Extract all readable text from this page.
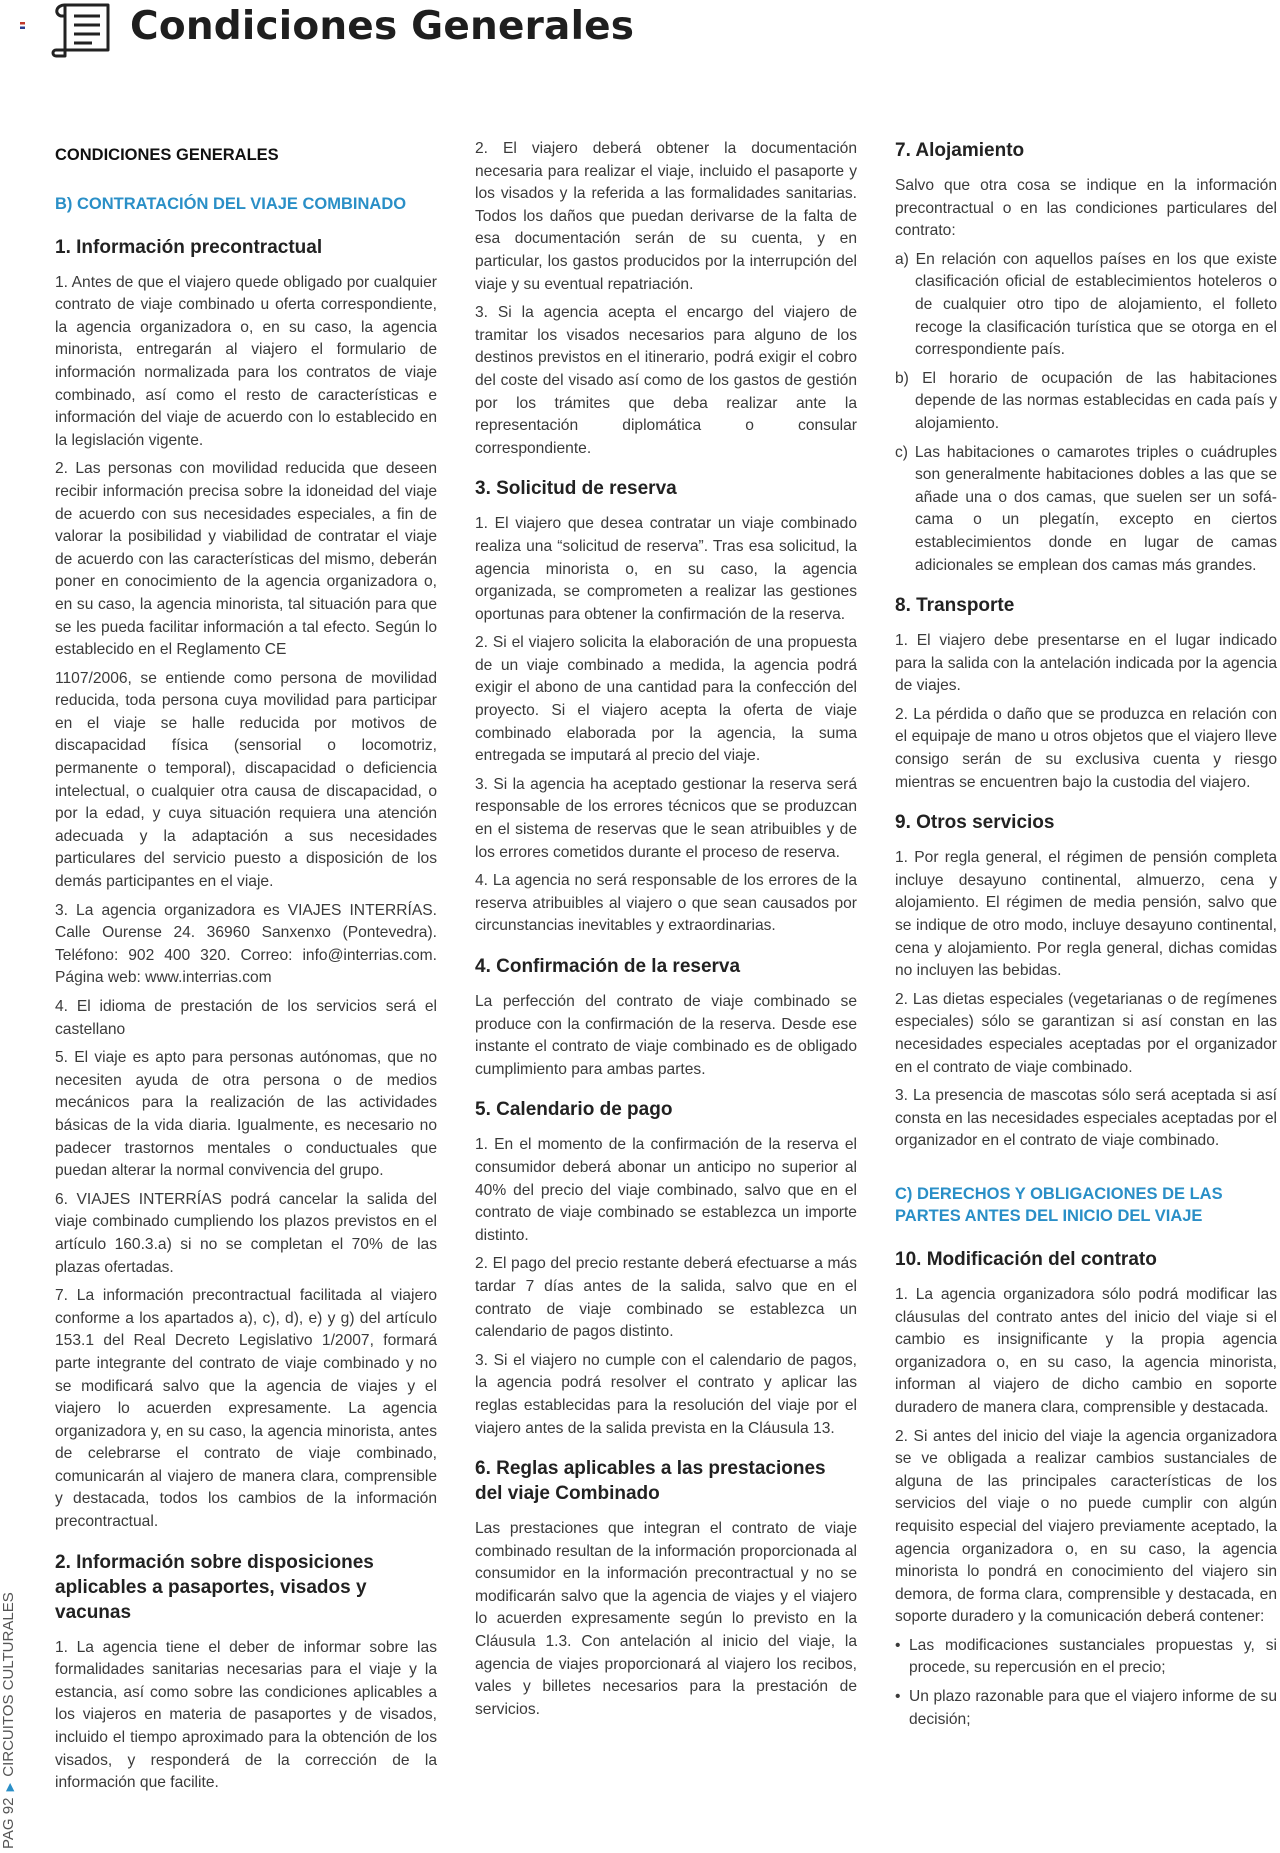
Condiciones Generales
PAG 92 ▶ CIRCUITOS CULTURALES
CONDICIONES GENERALES
B) CONTRATACIÓN DEL VIAJE COMBINADO
1. Información precontractual

1. Antes de que el viajero quede obligado por cualquier contrato de viaje combinado u oferta correspondiente, la agencia organizadora o, en su caso, la agencia minorista, entregarán al viajero el formulario de información normalizada para los contratos de viaje combinado, así como el resto de características e información del viaje de acuerdo con lo establecido en la legislación vigente.

2. Las personas con movilidad reducida que deseen recibir información precisa sobre la idoneidad del viaje de acuerdo con sus necesidades especiales, a fin de valorar la posibilidad y viabilidad de contratar el viaje de acuerdo con las características del mismo, deberán poner en conocimiento de la agencia organizadora o, en su caso, la agencia minorista, tal situación para que se les pueda facilitar información a tal efecto. Según lo establecido en el Reglamento CE

1107/2006, se entiende como persona de movilidad reducida, toda persona cuya movilidad para participar en el viaje se halle reducida por motivos de discapacidad física (sensorial o locomotriz, permanente o temporal), discapacidad o deficiencia intelectual, o cualquier otra causa de discapacidad, o por la edad, y cuya situación requiera una atención adecuada y la adaptación a sus necesidades particulares del servicio puesto a disposición de los demás participantes en el viaje.

3. La agencia organizadora es VIAJES INTERRÍAS. Calle Ourense 24. 36960 Sanxenxo (Pontevedra). Teléfono: 902 400 320. Correo: info@interrias.com. Página web: www.interrias.com

4. El idioma de prestación de los servicios será el castellano

5. El viaje es apto para personas autónomas, que no necesiten ayuda de otra persona o de medios mecánicos para la realización de las actividades básicas de la vida diaria. Igualmente, es necesario no padecer trastornos mentales o conductuales que puedan alterar la normal convivencia del grupo.

6. VIAJES INTERRÍAS podrá cancelar la salida del viaje combinado cumpliendo los plazos previstos en el artículo 160.3.a) si no se completan el 70% de las plazas ofertadas.

7. La información precontractual facilitada al viajero conforme a los apartados a), c), d), e) y g) del artículo 153.1 del Real Decreto Legislativo 1/2007, formará parte integrante del contrato de viaje combinado y no se modificará salvo que la agencia de viajes y el viajero lo acuerden expresamente. La agencia organizadora y, en su caso, la agencia minorista, antes de celebrarse el contrato de viaje combinado, comunicarán al viajero de manera clara, comprensible y destacada, todos los cambios de la información precontractual.

2. Información sobre disposiciones aplicables a pasaportes, visados y vacunas

1. La agencia tiene el deber de informar sobre las formalidades sanitarias necesarias para el viaje y la estancia, así como sobre las condiciones aplicables a los viajeros en materia de pasaportes y de visados, incluido el tiempo aproximado para la obtención de los visados, y responderá de la corrección de la información que facilite.

2. El viajero deberá obtener la documentación necesaria para realizar el viaje, incluido el pasaporte y los visados y la referida a las formalidades sanitarias. Todos los daños que puedan derivarse de la falta de esa documentación serán de su cuenta, y en particular, los gastos producidos por la interrupción del viaje y su eventual repatriación.

3. Si la agencia acepta el encargo del viajero de tramitar los visados necesarios para alguno de los destinos previstos en el itinerario, podrá exigir el cobro del coste del visado así como de los gastos de gestión por los trámites que deba realizar ante la representación diplomática o consular correspondiente.

3. Solicitud de reserva

1. El viajero que desea contratar un viaje combinado realiza una “solicitud de reserva”. Tras esa solicitud, la agencia minorista o, en su caso, la agencia organizada, se comprometen a realizar las gestiones oportunas para obtener la confirmación de la reserva.

2. Si el viajero solicita la elaboración de una propuesta de un viaje combinado a medida, la agencia podrá exigir el abono de una cantidad para la confección del proyecto. Si el viajero acepta la oferta de viaje combinado elaborada por la agencia, la suma entregada se imputará al precio del viaje.

3. Si la agencia ha aceptado gestionar la reserva será responsable de los errores técnicos que se produzcan en el sistema de reservas que le sean atribuibles y de los errores cometidos durante el proceso de reserva.

4. La agencia no será responsable de los errores de la reserva atribuibles al viajero o que sean causados por circunstancias inevitables y extraordinarias.

4. Confirmación de la reserva

La perfección del contrato de viaje combinado se produce con la confirmación de la reserva. Desde ese instante el contrato de viaje combinado es de obligado cumplimiento para ambas partes.

5. Calendario de pago

1. En el momento de la confirmación de la reserva el consumidor deberá abonar un anticipo no superior al 40% del precio del viaje combinado, salvo que en el contrato de viaje combinado se establezca un importe distinto.

2. El pago del precio restante deberá efectuarse a más tardar 7 días antes de la salida, salvo que en el contrato de viaje combinado se establezca un calendario de pagos distinto.

3. Si el viajero no cumple con el calendario de pagos, la agencia podrá resolver el contrato y aplicar las reglas establecidas para la resolución del viaje por el viajero antes de la salida prevista en la Cláusula 13.

6. Reglas aplicables a las prestaciones del viaje Combinado

Las prestaciones que integran el contrato de viaje combinado resultan de la información proporcionada al consumidor en la información precontractual y no se modificarán salvo que la agencia de viajes y el viajero lo acuerden expresamente según lo previsto en la Cláusula 1.3. Con antelación al inicio del viaje, la agencia de viajes proporcionará al viajero los recibos, vales y billetes necesarios para la prestación de servicios.

7. Alojamiento

Salvo que otra cosa se indique en la información precontractual o en las condiciones particulares del contrato:

a) En relación con aquellos países en los que existe clasificación oficial de establecimientos hoteleros o de cualquier otro tipo de alojamiento, el folleto recoge la clasificación turística que se otorga en el correspondiente país.

b) El horario de ocupación de las habitaciones depende de las normas establecidas en cada país y alojamiento.

c) Las habitaciones o camarotes triples o cuádruples son generalmente habitaciones dobles a las que se añade una o dos camas, que suelen ser un sofá-cama o un plegatín, excepto en ciertos establecimientos donde en lugar de camas adicionales se emplean dos camas más grandes.

8. Transporte

1. El viajero debe presentarse en el lugar indicado para la salida con la antelación indicada por la agencia de viajes.

2. La pérdida o daño que se produzca en relación con el equipaje de mano u otros objetos que el viajero lleve consigo serán de su exclusiva cuenta y riesgo mientras se encuentren bajo la custodia del viajero.

9. Otros servicios

1. Por regla general, el régimen de pensión completa incluye desayuno continental, almuerzo, cena y alojamiento. El régimen de media pensión, salvo que se indique de otro modo, incluye desayuno continental, cena y alojamiento. Por regla general, dichas comidas no incluyen las bebidas.

2. Las dietas especiales (vegetarianas o de regímenes especiales) sólo se garantizan si así constan en las necesidades especiales aceptadas por el organizador en el contrato de viaje combinado.

3. La presencia de mascotas sólo será aceptada si así consta en las necesidades especiales aceptadas por el organizador en el contrato de viaje combinado.

C) DERECHOS Y OBLIGACIONES DE LAS PARTES ANTES DEL INICIO DEL VIAJE
10. Modificación del contrato

1. La agencia organizadora sólo podrá modificar las cláusulas del contrato antes del inicio del viaje si el cambio es insignificante y la propia agencia organizadora o, en su caso, la agencia minorista, informan al viajero de dicho cambio en soporte duradero de manera clara, comprensible y destacada.

2. Si antes del inicio del viaje la agencia organizadora se ve obligada a realizar cambios sustanciales de alguna de las principales características de los servicios del viaje o no puede cumplir con algún requisito especial del viajero previamente aceptado, la agencia organizadora o, en su caso, la agencia minorista lo pondrá en conocimiento del viajero sin demora, de forma clara, comprensible y destacada, en soporte duradero y la comunicación deberá contener:

• Las modificaciones sustanciales propuestas y, si procede, su repercusión en el precio;

• Un plazo razonable para que el viajero informe de su decisión;
